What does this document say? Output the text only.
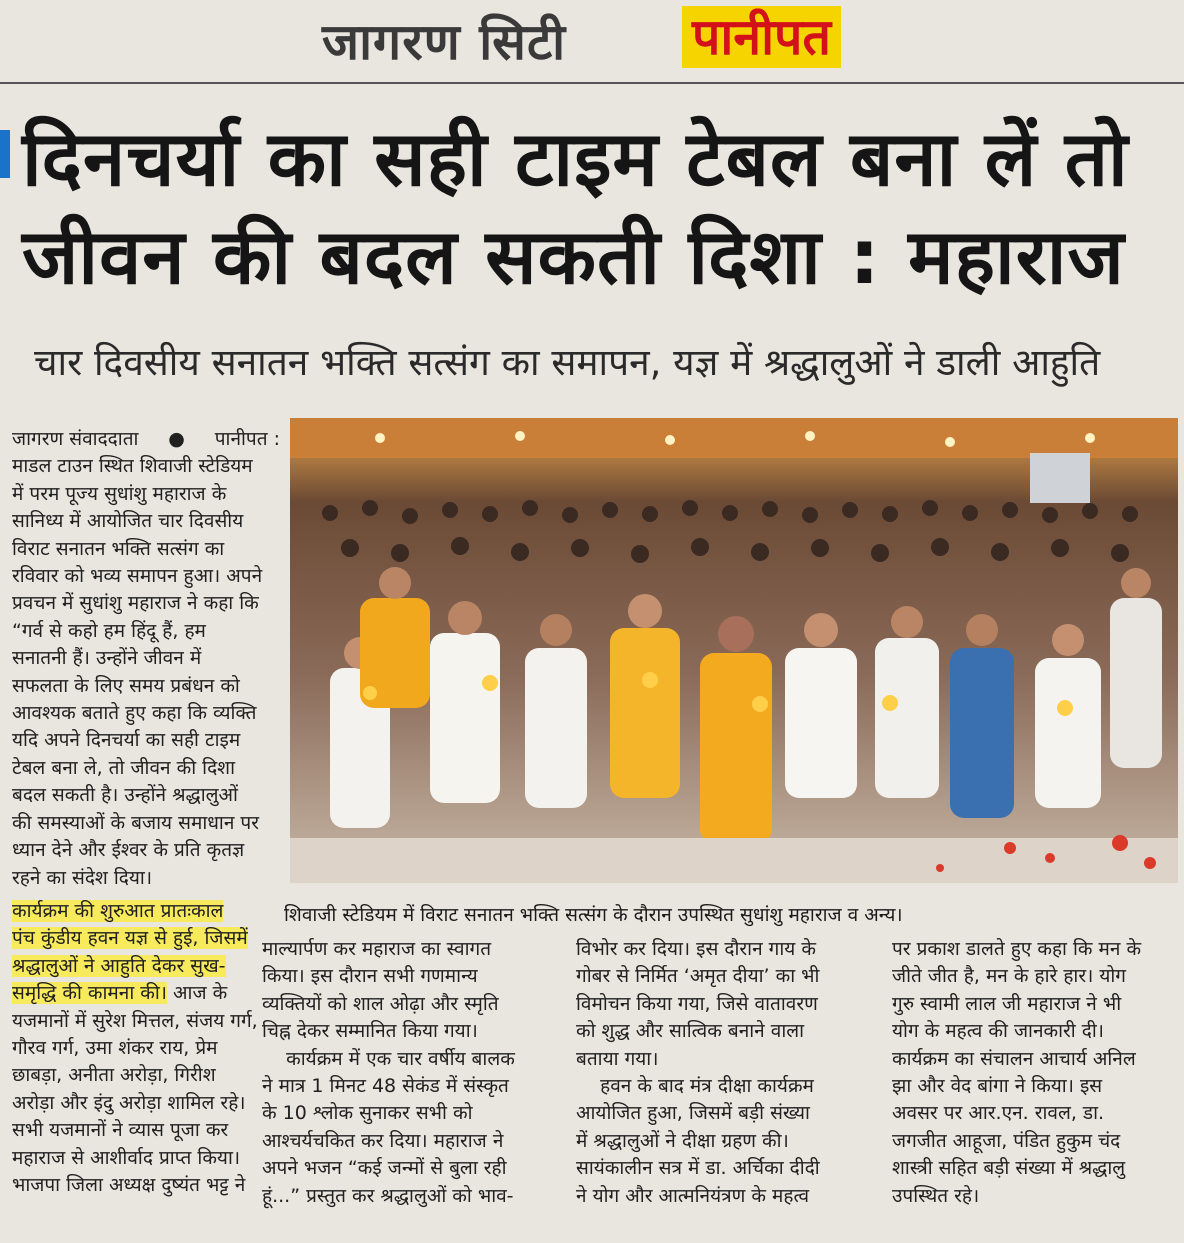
जागरण सिटी	पानीपत
दिनचर्या का सही टाइम टेबल बना लें तो
जीवन की बदल सकती दिशा : महाराज
चार दिवसीय सनातन भक्ति सत्संग का समापन, यज्ञ में श्रद्धालुओं ने डाली आहुति
जागरण संवाददाता ● पानीपत :
माडल टाउन स्थित शिवाजी स्टेडियम
में परम पूज्य सुधांशु महाराज के
सानिध्य में आयोजित चार दिवसीय
विराट सनातन भक्ति सत्संग का
रविवार को भव्य समापन हुआ। अपने
प्रवचन में सुधांशु महाराज ने कहा कि
“गर्व से कहो हम हिंदू हैं, हम
सनातनी हैं। उन्होंने जीवन में
सफलता के लिए समय प्रबंधन को
आवश्यक बताते हुए कहा कि व्यक्ति
यदि अपने दिनचर्या का सही टाइम
टेबल बना ले, तो जीवन की दिशा
बदल सकती है। उन्होंने श्रद्धालुओं
की समस्याओं के बजाय समाधान पर
ध्यान देने और ईश्वर के प्रति कृतज्ञ
रहने का संदेश दिया।
कार्यक्रम की शुरुआत प्रातःकाल
पंच कुंडीय हवन यज्ञ से हुई, जिसमें
श्रद्धालुओं ने आहुति देकर सुख-
समृद्धि की कामना की। आज के
यजमानों में सुरेश मित्तल, संजय गर्ग,
गौरव गर्ग, उमा शंकर राय, प्रेम
छाबड़ा, अनीता अरोड़ा, गिरीश
अरोड़ा और इंदु अरोड़ा शामिल रहे।
सभी यजमानों ने व्यास पूजा कर
महाराज से आशीर्वाद प्राप्त किया।
भाजपा जिला अध्यक्ष दुष्यंत भट्ट ने
शिवाजी स्टेडियम में विराट सनातन भक्ति सत्संग के दौरान उपस्थित सुधांशु महाराज व अन्य।
माल्यार्पण कर महाराज का स्वागत
किया। इस दौरान सभी गणमान्य
व्यक्तियों को शाल ओढ़ा और स्मृति
चिह्न देकर सम्मानित किया गया।
कार्यक्रम में एक चार वर्षीय बालक
ने मात्र 1 मिनट 48 सेकंड में संस्कृत
के 10 श्लोक सुनाकर सभी को
आश्चर्यचकित कर दिया। महाराज ने
अपने भजन “कई जन्मों से बुला रही
हूं...” प्रस्तुत कर श्रद्धालुओं को भाव-
विभोर कर दिया। इस दौरान गाय के
गोबर से निर्मित ‘अमृत दीया’ का भी
विमोचन किया गया, जिसे वातावरण
को शुद्ध और सात्विक बनाने वाला
बताया गया।
हवन के बाद मंत्र दीक्षा कार्यक्रम
आयोजित हुआ, जिसमें बड़ी संख्या
में श्रद्धालुओं ने दीक्षा ग्रहण की।
सायंकालीन सत्र में डा. अर्चिका दीदी
ने योग और आत्मनियंत्रण के महत्व
पर प्रकाश डालते हुए कहा कि मन के
जीते जीत है, मन के हारे हार। योग
गुरु स्वामी लाल जी महाराज ने भी
योग के महत्व की जानकारी दी।
कार्यक्रम का संचालन आचार्य अनिल
झा और वेद बांगा ने किया। इस
अवसर पर आर.एन. रावल, डा.
जगजीत आहूजा, पंडित हुकुम चंद
शास्त्री सहित बड़ी संख्या में श्रद्धालु
उपस्थित रहे।
